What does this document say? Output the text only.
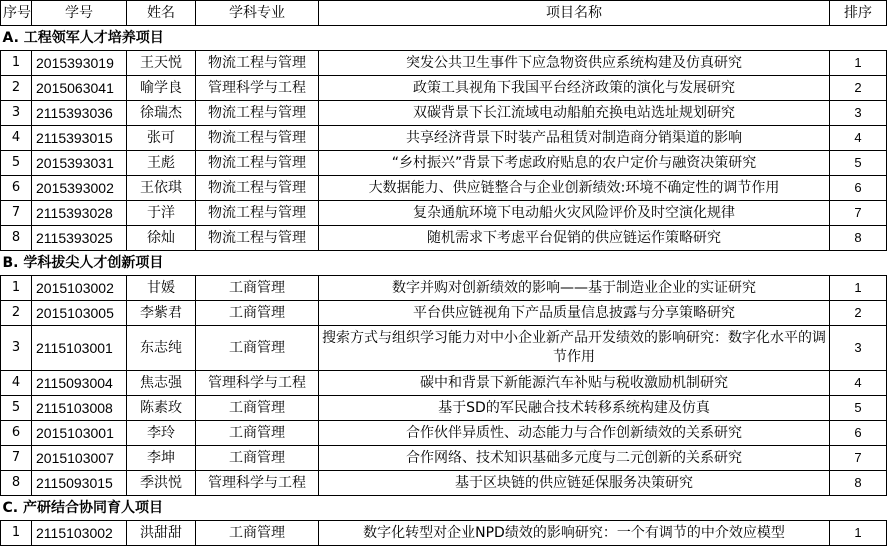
序号	学号	姓名	学科专业	项目名称	排序
A. 工程领军人才培养项目					
1	2015393019	王天悦	物流工程与管理	突发公共卫生事件下应急物资供应系统构建及仿真研究	1
2	2015063041	喻学良	管理科学与工程	政策工具视角下我国平台经济政策的演化与发展研究	2
3	2115393036	徐瑞杰	物流工程与管理	双碳背景下长江流域电动船舶充换电站选址规划研究	3
4	2115393015	张可	物流工程与管理	共享经济背景下时装产品租赁对制造商分销渠道的影响	4
5	2015393031	王彪	物流工程与管理	“乡村振兴”背景下考虑政府贴息的农户定价与融资决策研究	5
6	2015393002	王依琪	物流工程与管理	大数据能力、供应链整合与企业创新绩效:环境不确定性的调节作用	6
7	2115393028	于洋	物流工程与管理	复杂通航环境下电动船火灾风险评价及时空演化规律	7
8	2115393025	徐灿	物流工程与管理	随机需求下考虑平台促销的供应链运作策略研究	8
B. 学科拔尖人才创新项目					
1	2015103002	甘媛	工商管理	数字并购对创新绩效的影响——基于制造业企业的实证研究	1
2	2015103005	李紫君	工商管理	平台供应链视角下产品质量信息披露与分享策略研究	2
3	2115103001	东志纯	工商管理	搜索方式与组织学习能力对中小企业新产品开发绩效的影响研究：数字化水平的调节作用	3
4	2115093004	焦志强	管理科学与工程	碳中和背景下新能源汽车补贴与税收激励机制研究	4
5	2115103008	陈素玫	工商管理	基于SD的军民融合技术转移系统构建及仿真	5
6	2015103001	李玲	工商管理	合作伙伴异质性、动态能力与合作创新绩效的关系研究	6
7	2015103007	李坤	工商管理	合作网络、技术知识基础多元度与二元创新的关系研究	7
8	2115093015	季洪悦	管理科学与工程	基于区块链的供应链延保服务决策研究	8
C. 产研结合协同育人项目					
1	2115103002	洪甜甜	工商管理	数字化转型对企业NPD绩效的影响研究：一个有调节的中介效应模型	1
